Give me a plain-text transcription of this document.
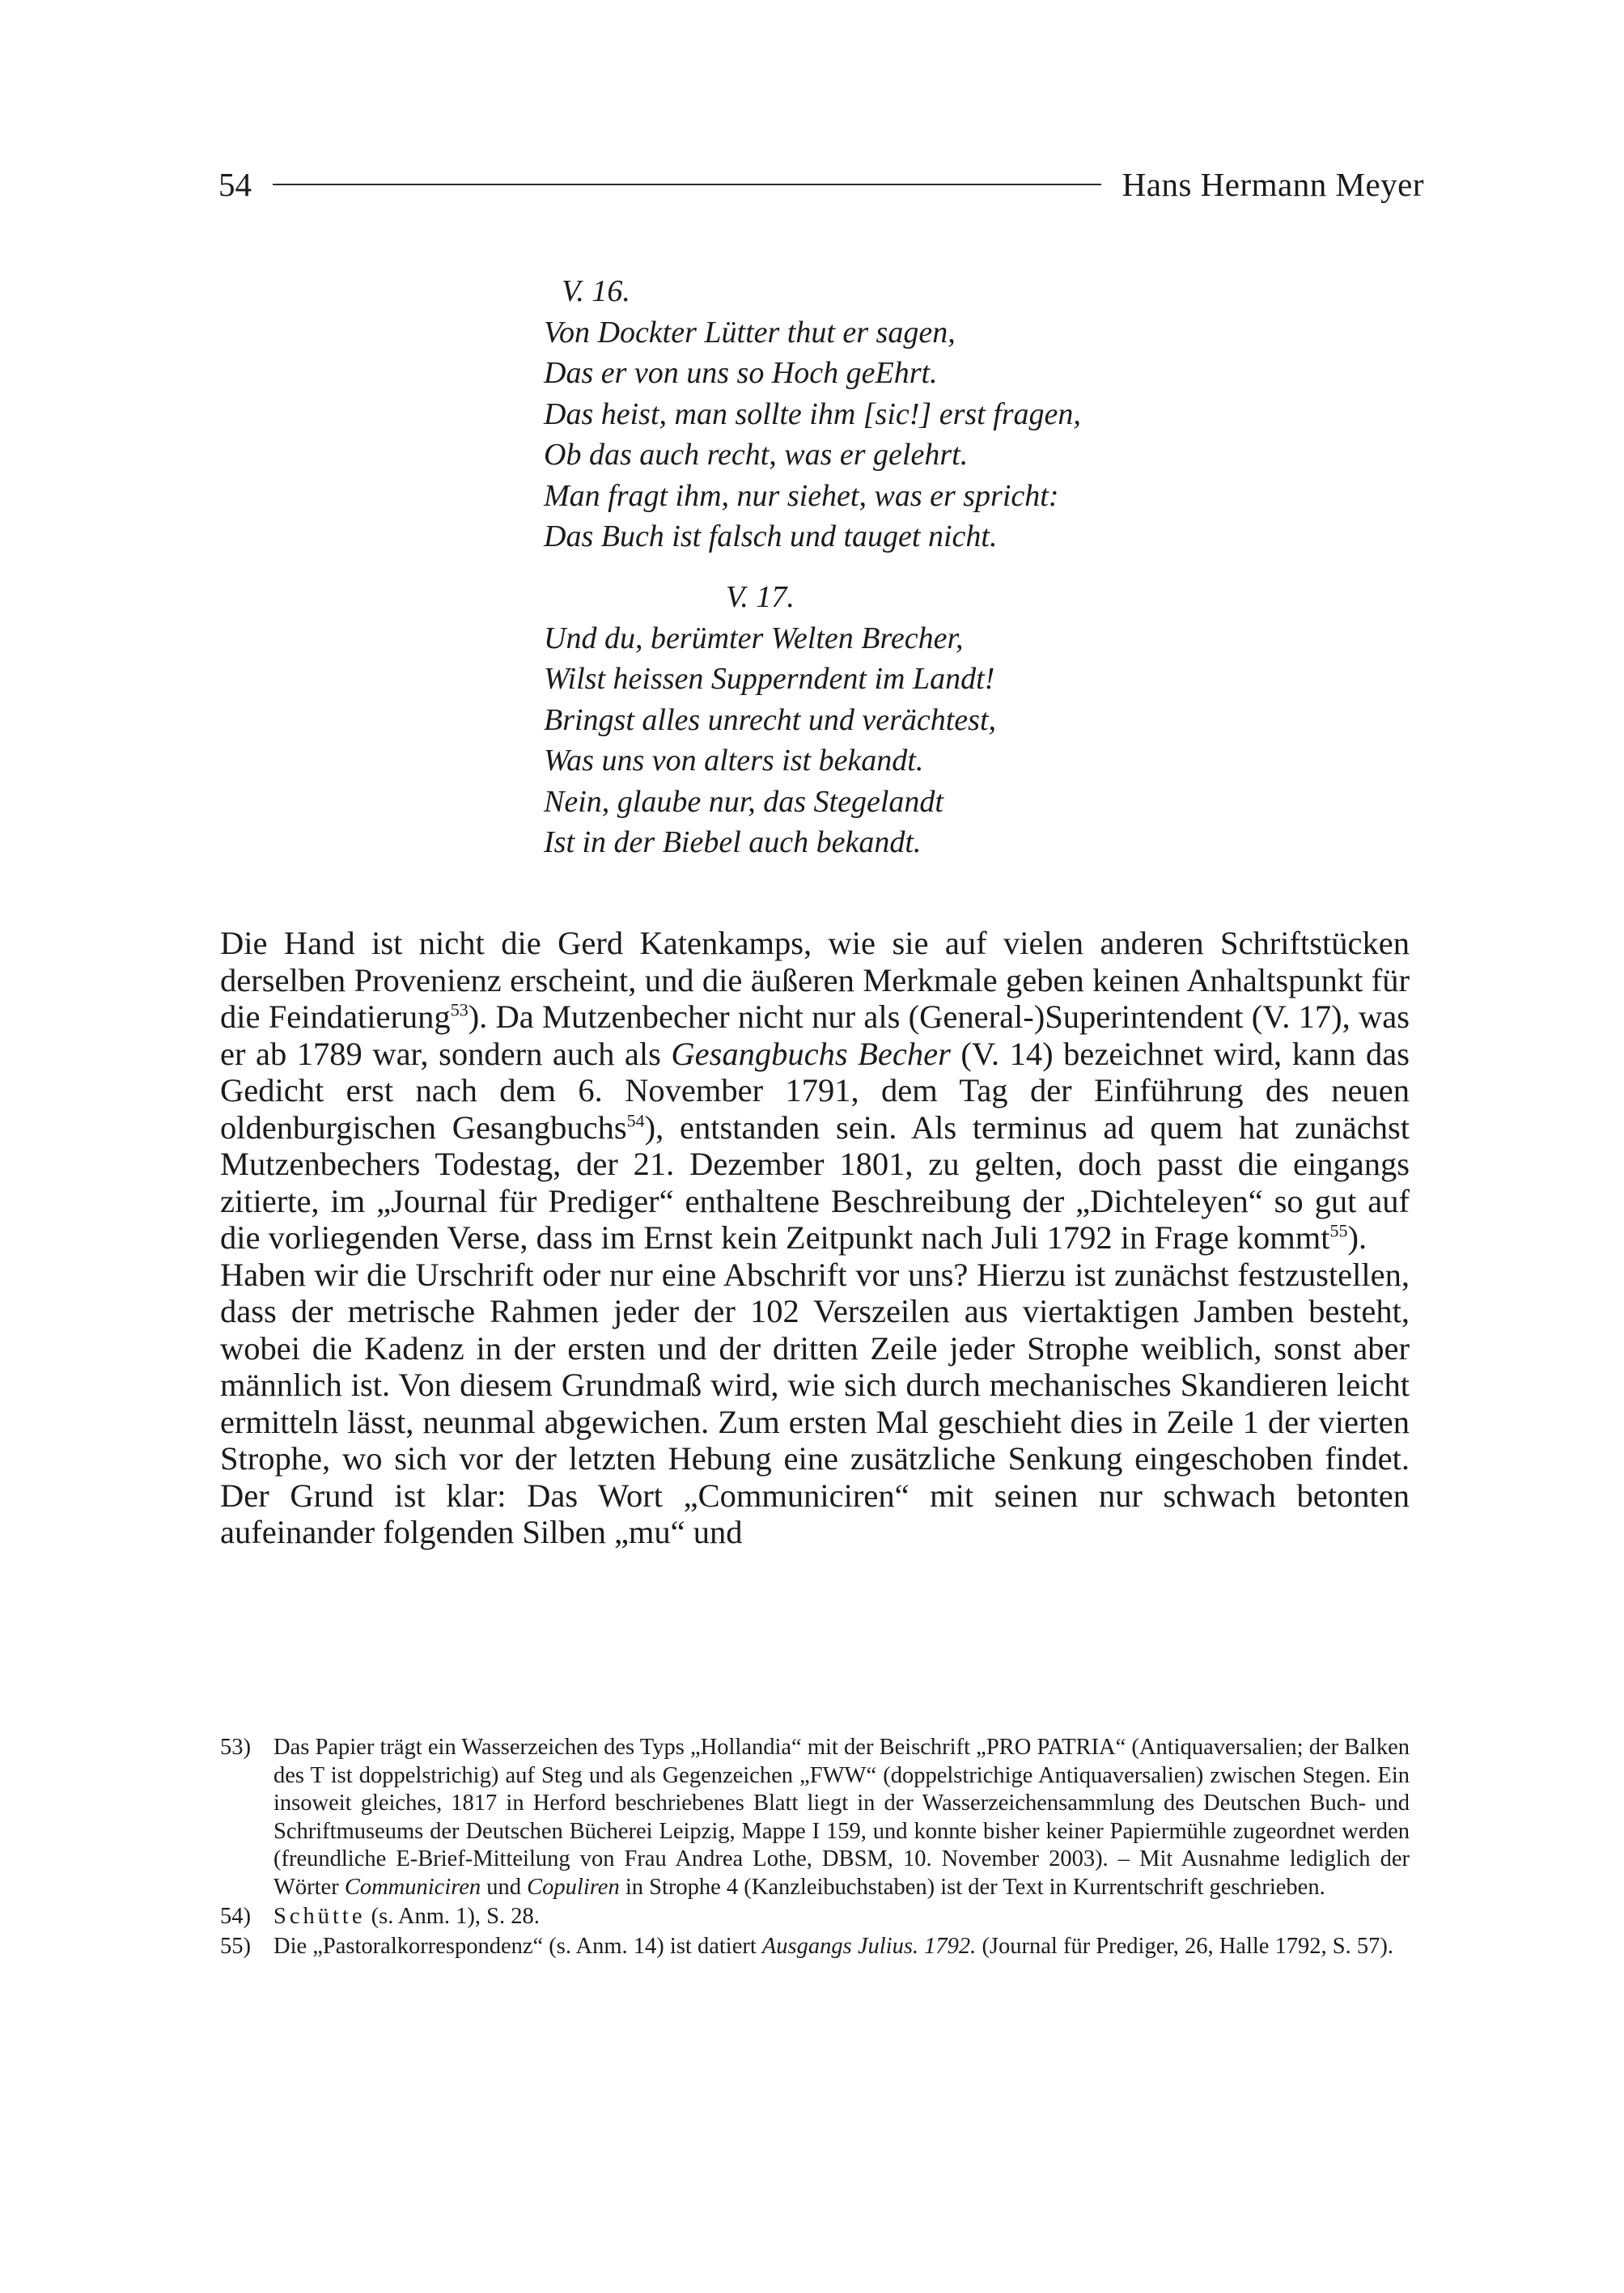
54	Hans Hermann Meyer
V. 16.
Von Dockter Lütter thut er sagen,
Das er von uns so Hoch geEhrt.
Das heist, man sollte ihm [sic!] erst fragen,
Ob das auch recht, was er gelehrt.
Man fragt ihm, nur siehet, was er spricht:
Das Buch ist falsch und tauget nicht.
V. 17.
Und du, berümter Welten Brecher,
Wilst heissen Supperndent im Landt!
Bringst alles unrecht und verächtest,
Was uns von alters ist bekandt.
Nein, glaube nur, das Stegelandt
Ist in der Biebel auch bekandt.

Die Hand ist nicht die Gerd Katenkamps, wie sie auf vielen anderen Schriftstücken derselben Provenienz erscheint, und die äußeren Merkmale geben keinen Anhaltspunkt für die Feindatierung$^{53}$). Da Mutzenbecher nicht nur als (General-)Superintendent (V. 17), was er ab 1789 war, sondern auch als Gesangbuchs Becher (V. 14) bezeichnet wird, kann das Gedicht erst nach dem 6. November 1791, dem Tag der Einführung des neuen oldenburgischen Gesangbuchs$^{54}$), entstanden sein. Als terminus ad quem hat zunächst Mutzenbechers Todestag, der 21. Dezember 1801, zu gelten, doch passt die eingangs zitierte, im „Journal für Prediger“ enthaltene Beschreibung der „Dichteleyen“ so gut auf die vorliegenden Verse, dass im Ernst kein Zeitpunkt nach Juli 1792 in Frage kommt$^{55}$).

Haben wir die Urschrift oder nur eine Abschrift vor uns? Hierzu ist zunächst festzustellen, dass der metrische Rahmen jeder der 102 Verszeilen aus viertaktigen Jamben besteht, wobei die Kadenz in der ersten und der dritten Zeile jeder Strophe weiblich, sonst aber männlich ist. Von diesem Grundmaß wird, wie sich durch mechanisches Skandieren leicht ermitteln lässt, neunmal abgewichen. Zum ersten Mal geschieht dies in Zeile 1 der vierten Strophe, wo sich vor der letzten Hebung eine zusätzliche Senkung eingeschoben findet. Der Grund ist klar: Das Wort „Communiciren“ mit seinen nur schwach betonten aufeinander folgenden Silben „mu“ und

53) Das Papier trägt ein Wasserzeichen des Typs „Hollandia“ mit der Beischrift „PRO PATRIA“ (Antiquaversalien; der Balken des T ist doppelstrichig) auf Steg und als Gegenzeichen „FWW“ (doppelstrichige Antiquaversalien) zwischen Stegen. Ein insoweit gleiches, 1817 in Herford beschriebenes Blatt liegt in der Wasserzeichensammlung des Deutschen Buch- und Schriftmuseums der Deutschen Bücherei Leipzig, Mappe I 159, und konnte bisher keiner Papiermühle zugeordnet werden (freundliche E-Brief-Mitteilung von Frau Andrea Lothe, DBSM, 10. November 2003). – Mit Ausnahme lediglich der Wörter Communiciren und Copuliren in Strophe 4 (Kanzleibuchstaben) ist der Text in Kurrentschrift geschrieben.
54) Schütte (s. Anm. 1), S. 28.
55) Die „Pastoralkorrespondenz“ (s. Anm. 14) ist datiert Ausgangs Julius. 1792. (Journal für Prediger, 26, Halle 1792, S. 57).
